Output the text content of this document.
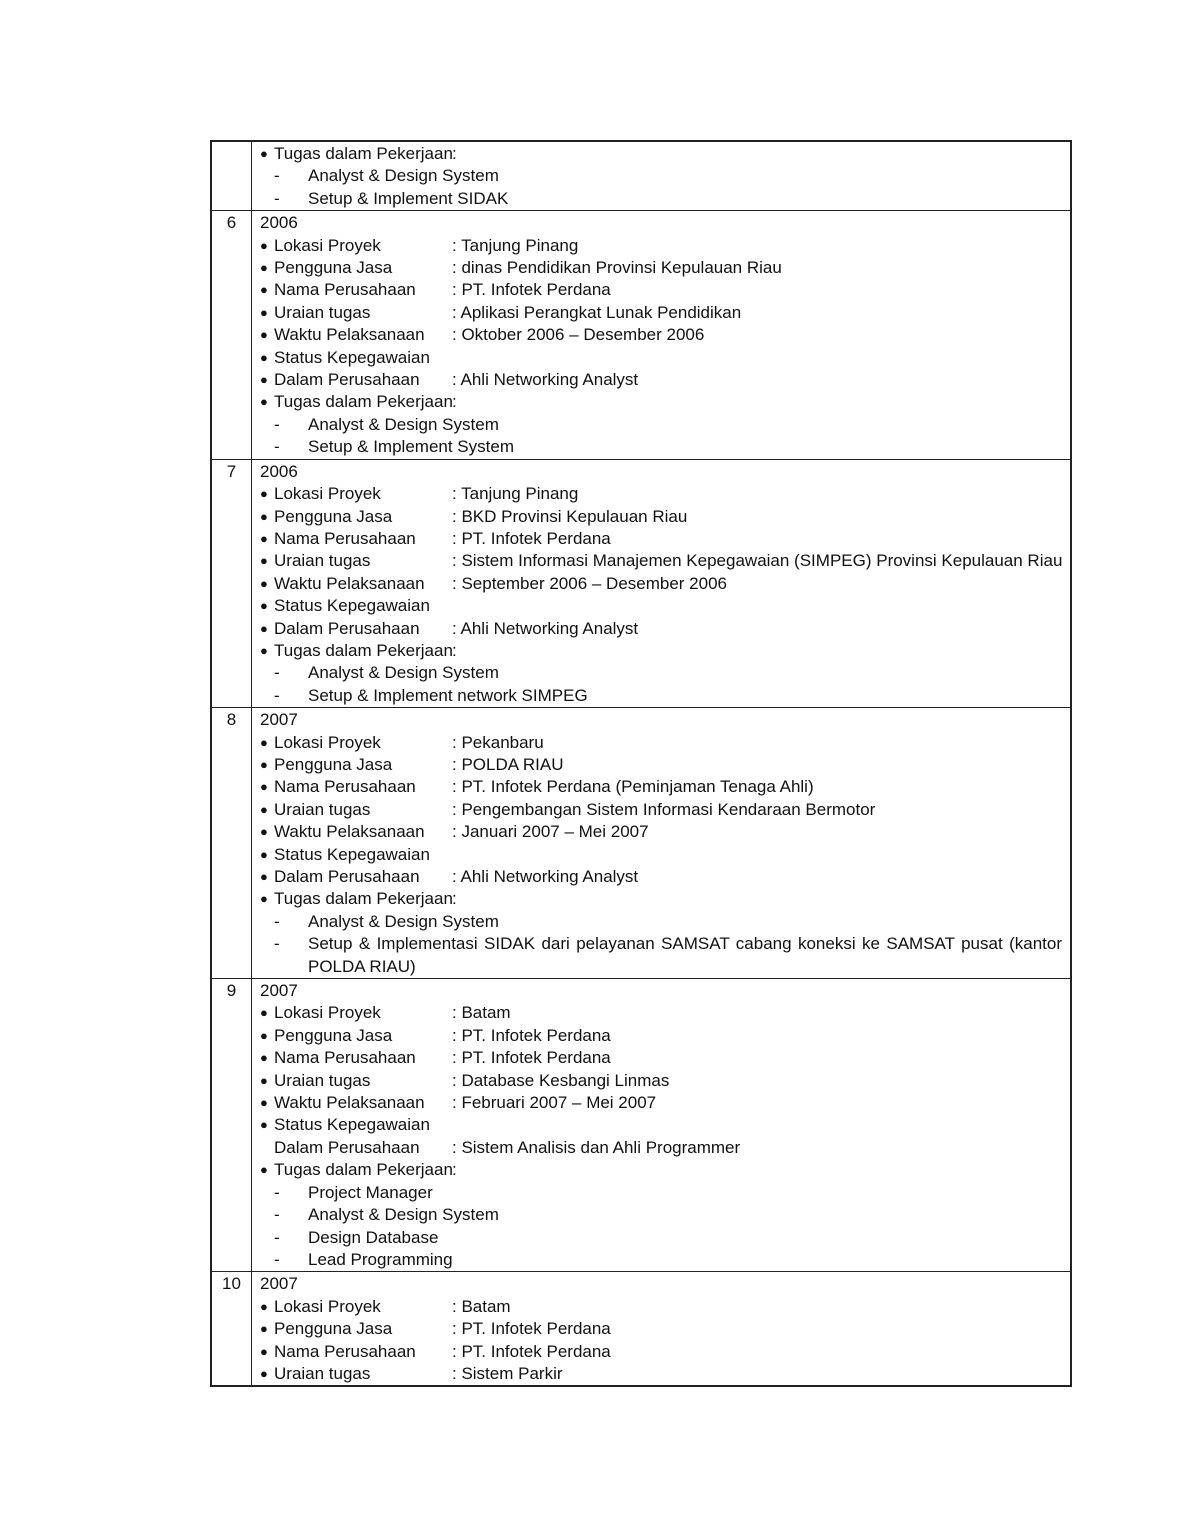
● Tugas dalam Pekerjaan :
-	Analyst & Design System
-	Setup & Implement SIDAK
6	2006
● Lokasi Proyek	: Tanjung Pinang
● Pengguna Jasa	: dinas Pendidikan Provinsi Kepulauan Riau
● Nama Perusahaan	: PT. Infotek Perdana
● Uraian tugas	: Aplikasi Perangkat Lunak Pendidikan
● Waktu Pelaksanaan	: Oktober 2006 – Desember 2006
● Status Kepegawaian
● Dalam Perusahaan	: Ahli Networking Analyst
● Tugas dalam Pekerjaan :
-	Analyst & Design System
-	Setup & Implement System
7	2006
● Lokasi Proyek	: Tanjung Pinang
● Pengguna Jasa	: BKD Provinsi Kepulauan Riau
● Nama Perusahaan	: PT. Infotek Perdana
● Uraian tugas	: Sistem Informasi Manajemen Kepegawaian (SIMPEG) Provinsi Kepulauan Riau
● Waktu Pelaksanaan	: September 2006 – Desember 2006
● Status Kepegawaian
● Dalam Perusahaan	: Ahli Networking Analyst
● Tugas dalam Pekerjaan :
-	Analyst & Design System
-	Setup & Implement network SIMPEG
8	2007
● Lokasi Proyek	: Pekanbaru
● Pengguna Jasa	: POLDA RIAU
● Nama Perusahaan	: PT. Infotek Perdana (Peminjaman Tenaga Ahli)
● Uraian tugas	: Pengembangan Sistem Informasi Kendaraan Bermotor
● Waktu Pelaksanaan	: Januari 2007 – Mei 2007
● Status Kepegawaian
● Dalam Perusahaan	: Ahli Networking Analyst
● Tugas dalam Pekerjaan :
-	Analyst & Design System
-	Setup & Implementasi SIDAK dari pelayanan SAMSAT cabang koneksi ke SAMSAT pusat (kantor POLDA RIAU)
9	2007
● Lokasi Proyek	: Batam
● Pengguna Jasa	: PT. Infotek Perdana
● Nama Perusahaan	: PT. Infotek Perdana
● Uraian tugas	: Database Kesbangi Linmas
● Waktu Pelaksanaan	: Februari 2007 – Mei 2007
● Status Kepegawaian
Dalam Perusahaan	: Sistem Analisis dan Ahli Programmer
● Tugas dalam Pekerjaan :
-	Project Manager
-	Analyst & Design System
-	Design Database
-	Lead Programming
10	2007
● Lokasi Proyek	: Batam
● Pengguna Jasa	: PT. Infotek Perdana
● Nama Perusahaan	: PT. Infotek Perdana
● Uraian tugas	: Sistem Parkir
